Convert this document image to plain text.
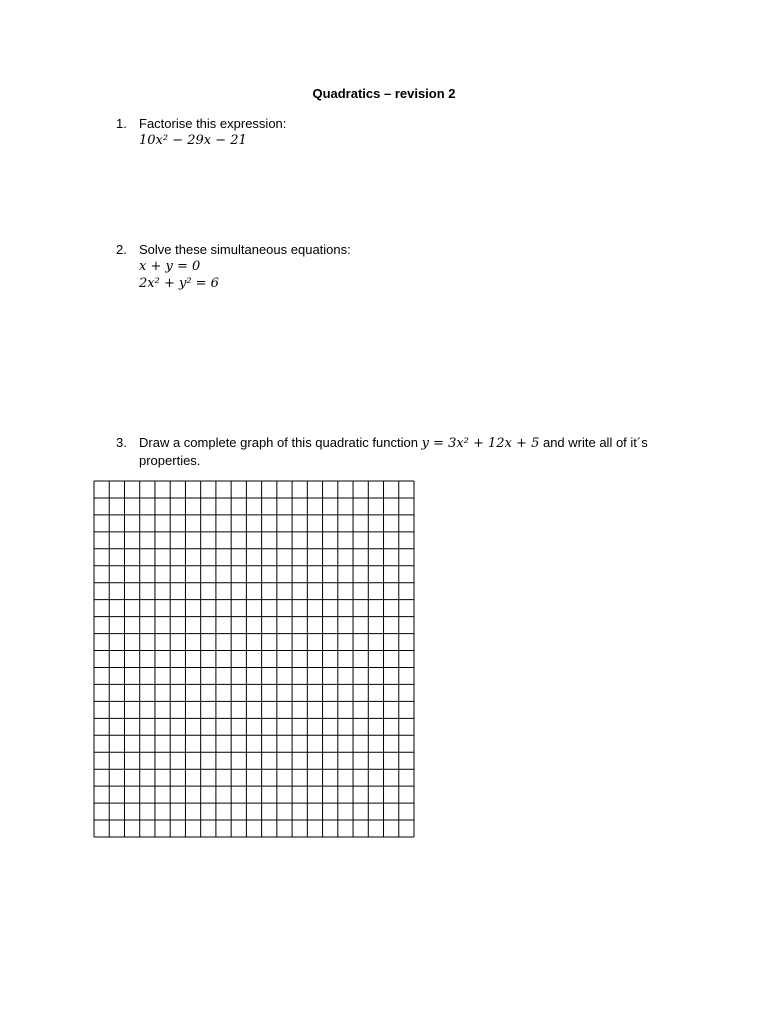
Quadratics – revision 2
1. Factorise this expression:
10x² − 29x − 21
2. Solve these simultaneous equations:
x + y = 0
2x² + y² = 6
3. Draw a complete graph of this quadratic function y = 3x² + 12x + 5 and write all of it´s
properties.
